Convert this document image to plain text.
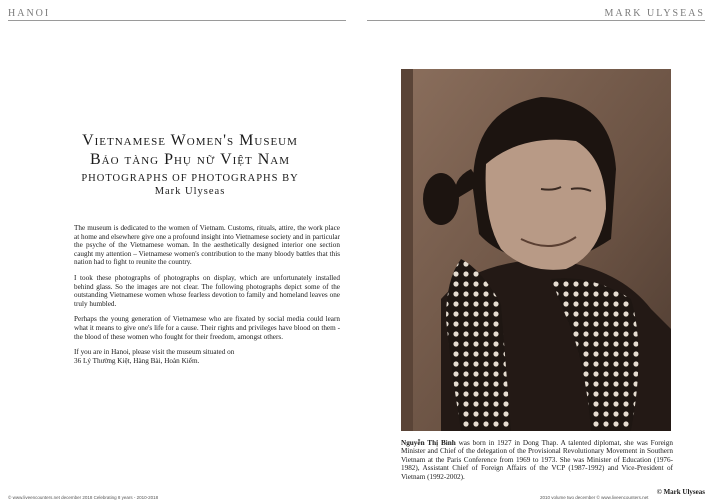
HANOI	MARK ULYSEAS
Vietnamese Women's Museum
Bảo tàng Phụ nữ Việt Nam
PHOTOGRAPHS OF PHOTOGRAPHS BY
Mark Ulyseas

The museum is dedicated to the women of Vietnam. Customs, rituals, attire, the work place at home and elsewhere give one a profound insight into Vietnamese society and in particular the psyche of the Vietnamese woman. In the aesthetically designed interior one section caught my attention – Vietnamese women's contribution to the many bloody battles that this nation had to fight to reunite the country.

I took these photographs of photographs on display, which are unfortunately installed behind glass. So the images are not clear. The following photographs depict some of the outstanding Vietnamese women whose fearless devotion to family and homeland leaves one truly humbled.

Perhaps the young generation of Vietnamese who are fixated by social media could learn what it means to give one's life for a cause. Their rights and privileges have blood on them - the blood of these women who fought for their freedom, amongst others.

If you are in Hanoi, please visit the museum situated on
36 Lý Thường Kiệt, Hàng Bài, Hoàn Kiếm.

Nguyễn Thị Bình was born in 1927 in Dong Thap. A talented diplomat, she was Foreign Minister and Chief of the delegation of the Provisional Revolutionary Movement in Southern Vietnam at the Paris Conference from 1969 to 1973. She was Minister of Education (1976-1982), Assistant Chief of Foreign Affairs of the VCP (1987-1992) and Vice-President of Vietnam (1992-2002).
© www.liveencounters.net december 2018 Celebrating 8 years - 2010-2018	2010 volume two december © www.liveencounters.net
© Mark Ulyseas
